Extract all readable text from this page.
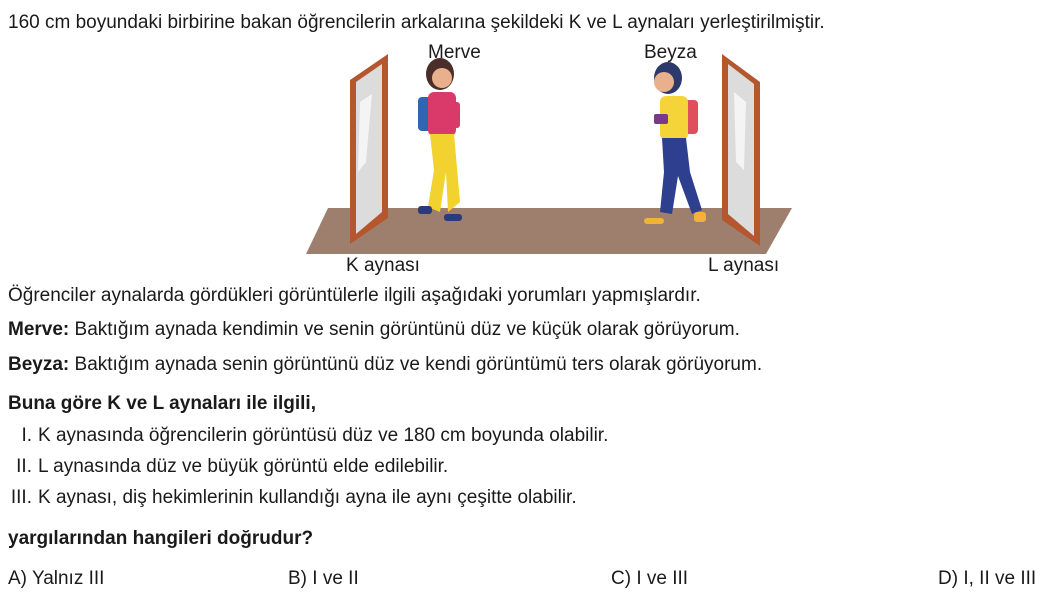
160 cm boyundaki birbirine bakan öğrencilerin arkalarına şekildeki K ve L aynaları yerleştirilmiştir.
Merve	Beyza
K aynası	L aynası
Öğrenciler aynalarda gördükleri görüntülerle ilgili aşağıdaki yorumları yapmışlardır.
Merve: Baktığım aynada kendimin ve senin görüntünü düz ve küçük olarak görüyorum.
Beyza: Baktığım aynada senin görüntünü düz ve kendi görüntümü ters olarak görüyorum.
Buna göre K ve L aynaları ile ilgili,
I. K aynasında öğrencilerin görüntüsü düz ve 180 cm boyunda olabilir.
II. L aynasında düz ve büyük görüntü elde edilebilir.
III. K aynası, diş hekimlerinin kullandığı ayna ile aynı çeşitte olabilir.
yargılarından hangileri doğrudur?
A) Yalnız III	B) I ve II	C) I ve III	D) I, II ve III
